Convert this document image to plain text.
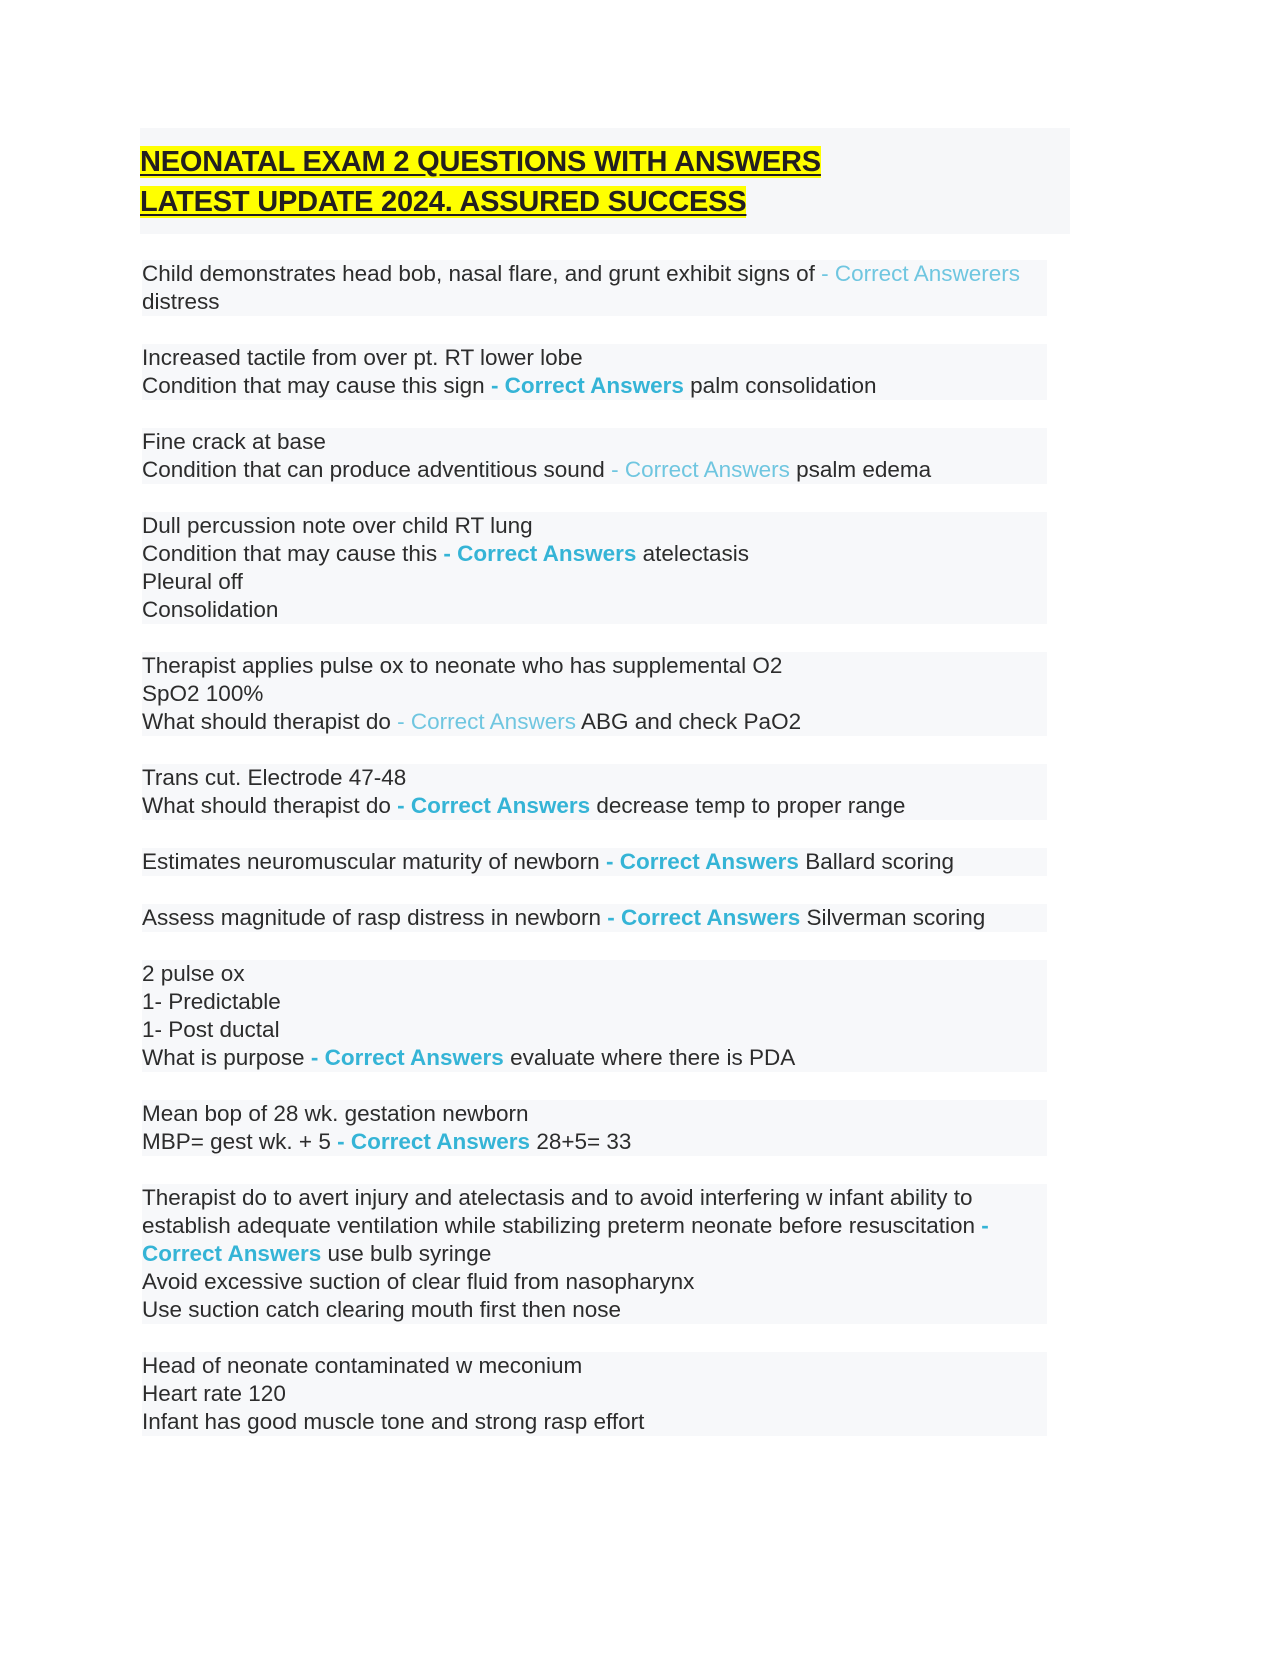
NEONATAL EXAM 2 QUESTIONS WITH ANSWERS
LATEST UPDATE 2024. ASSURED SUCCESS
Child demonstrates head bob, nasal flare, and grunt exhibit signs of - Correct Answerers distress
Increased tactile from over pt. RT lower lobe
Condition that may cause this sign - Correct Answers palm consolidation
Fine crack at base
Condition that can produce adventitious sound - Correct Answers psalm edema
Dull percussion note over child RT lung
Condition that may cause this - Correct Answers atelectasis
Pleural off
Consolidation
Therapist applies pulse ox to neonate who has supplemental O2
SpO2 100%
What should therapist do - Correct Answers ABG and check PaO2
Trans cut. Electrode 47-48
What should therapist do - Correct Answers decrease temp to proper range
Estimates neuromuscular maturity of newborn - Correct Answers Ballard scoring
Assess magnitude of rasp distress in newborn - Correct Answers Silverman scoring
2 pulse ox
1- Predictable
1- Post ductal
What is purpose - Correct Answers evaluate where there is PDA
Mean bop of 28 wk. gestation newborn
MBP= gest wk. + 5 - Correct Answers 28+5= 33
Therapist do to avert injury and atelectasis and to avoid interfering w infant ability to establish adequate ventilation while stabilizing preterm neonate before resuscitation - Correct Answers use bulb syringe
Avoid excessive suction of clear fluid from nasopharynx
Use suction catch clearing mouth first then nose
Head of neonate contaminated w meconium
Heart rate 120
Infant has good muscle tone and strong rasp effort
